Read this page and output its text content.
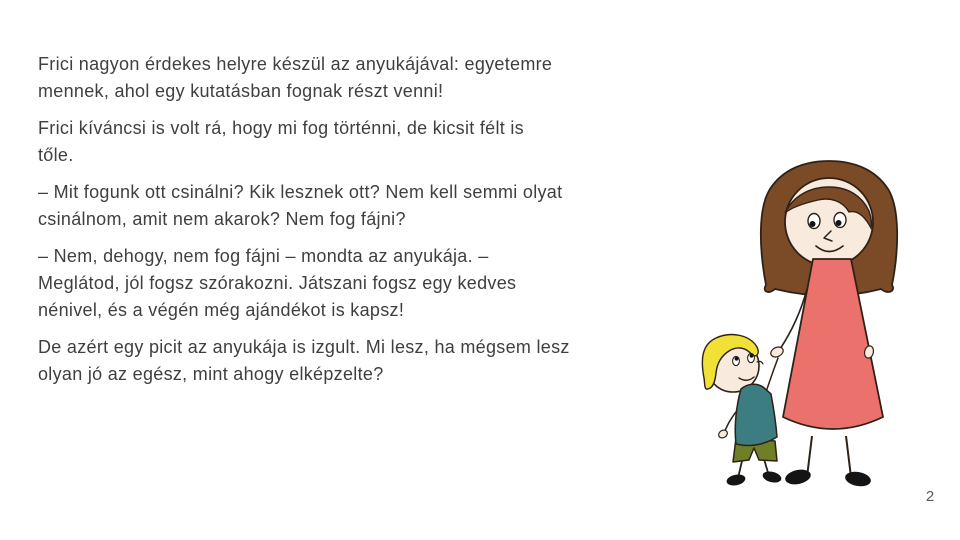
Frici nagyon érdekes helyre készül az anyukájával: egyetemre
mennek, ahol egy kutatásban fognak részt venni!

Frici kíváncsi is volt rá, hogy mi fog történni, de kicsit félt is
tőle.

– Mit fogunk ott csinálni? Kik lesznek ott? Nem kell semmi olyat
csinálnom, amit nem akarok? Nem fog fájni?

– Nem, dehogy, nem fog fájni – mondta az anyukája. –
Meglátod, jól fogsz szórakozni. Játszani fogsz egy kedves
nénivel, és a végén még ajándékot is kapsz!

De azért egy picit az anyukája is izgult. Mi lesz, ha mégsem lesz
olyan jó az egész, mint ahogy elképzelte?

2
